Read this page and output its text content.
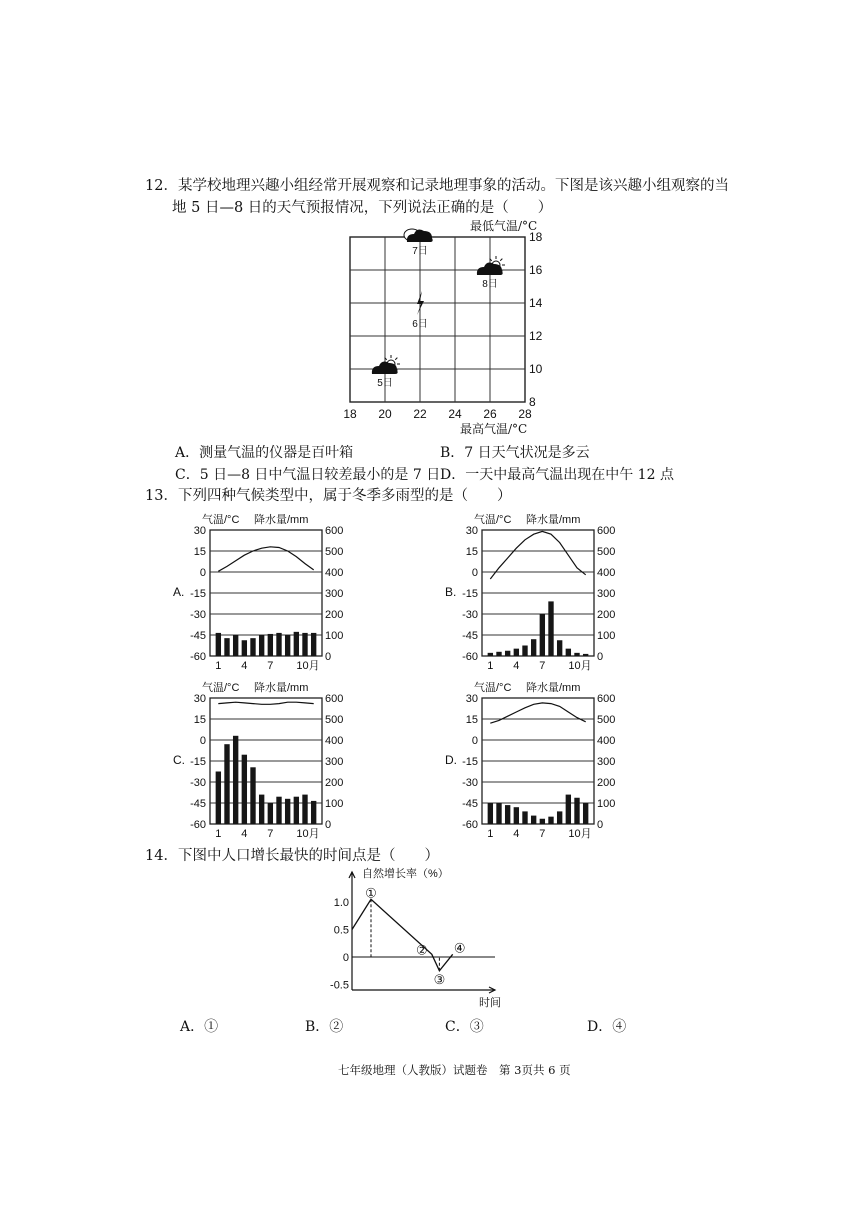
12．某学校地理兴趣小组经常开展观察和记录地理事象的活动。下图是该兴趣小组观察的当
地 5 日—8 日的天气预报情况，下列说法正确的是（　　）
最低气温/°C
最高气温/°C
5日
6日
7日
8日
18 20 22 24 26 28
18
16
14
12
10
8
A．测量气温的仪器是百叶箱	B．7 日天气状况是多云
C．5 日—8 日中气温日较差最小的是 7 日 D．一天中最高气温出现在中午 12 点
13．下列四种气候类型中，属于冬季多雨型的是（　　）
气温/°C 降水量/mm
A.
30
15
0
-15
-30
-45
-60
600
500
400
300
200
100
0
1 4 7 10月
气温/°C 降水量/mm
B.
30
15
0
-15
-30
-45
-60
600
500
400
300
200
100
0
1 4 7 10月
气温/°C 降水量/mm
C.
30
15
0
-15
-30
-45
-60
600
500
400
300
200
100
0
1 4 7 10月
气温/°C 降水量/mm
D.
30
15
0
-15
-30
-45
-60
600
500
400
300
200
100
0
1 4 7 10月
14．下图中人口增长最快的时间点是（　　）
自然增长率（%）
时间
1.0
0.5
0
-0.5
①
②
③
④
A．①	B．②	C．③	D．④
七年级地理（人教版）试题卷　第 3页共 6 页
